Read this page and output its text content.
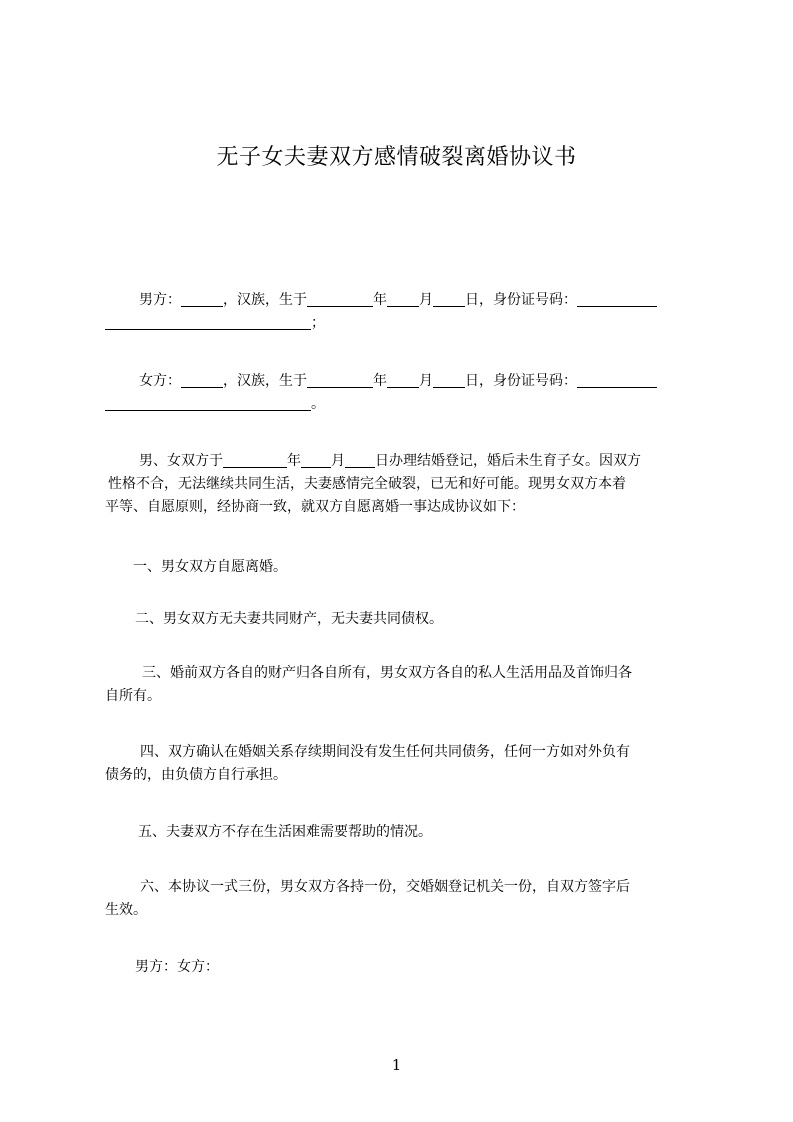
无子女夫妻双方感情破裂离婚协议书
男方：	，汉族，生于	年 月 日，身份证号码：
；
女方：	，汉族，生于	年 月 日，身份证号码：
。
男、女双方于	年 月 日办理结婚登记，婚后未生育子女。因双方
性格不合，无法继续共同生活，夫妻感情完全破裂，已无和好可能。现男女双方本着
平等、自愿原则，经协商一致，就双方自愿离婚一事达成协议如下：
一、男女双方自愿离婚。
二、男女双方无夫妻共同财产，无夫妻共同债权。
三、婚前双方各自的财产归各自所有，男女双方各自的私人生活用品及首饰归各
自所有。
四、双方确认在婚姻关系存续期间没有发生任何共同债务，任何一方如对外负有
债务的，由负债方自行承担。
五、夫妻双方不存在生活困难需要帮助的情况。
六、本协议一式三份，男女双方各持一份，交婚姻登记机关一份，自双方签字后
生效。
男方：女方：
1
